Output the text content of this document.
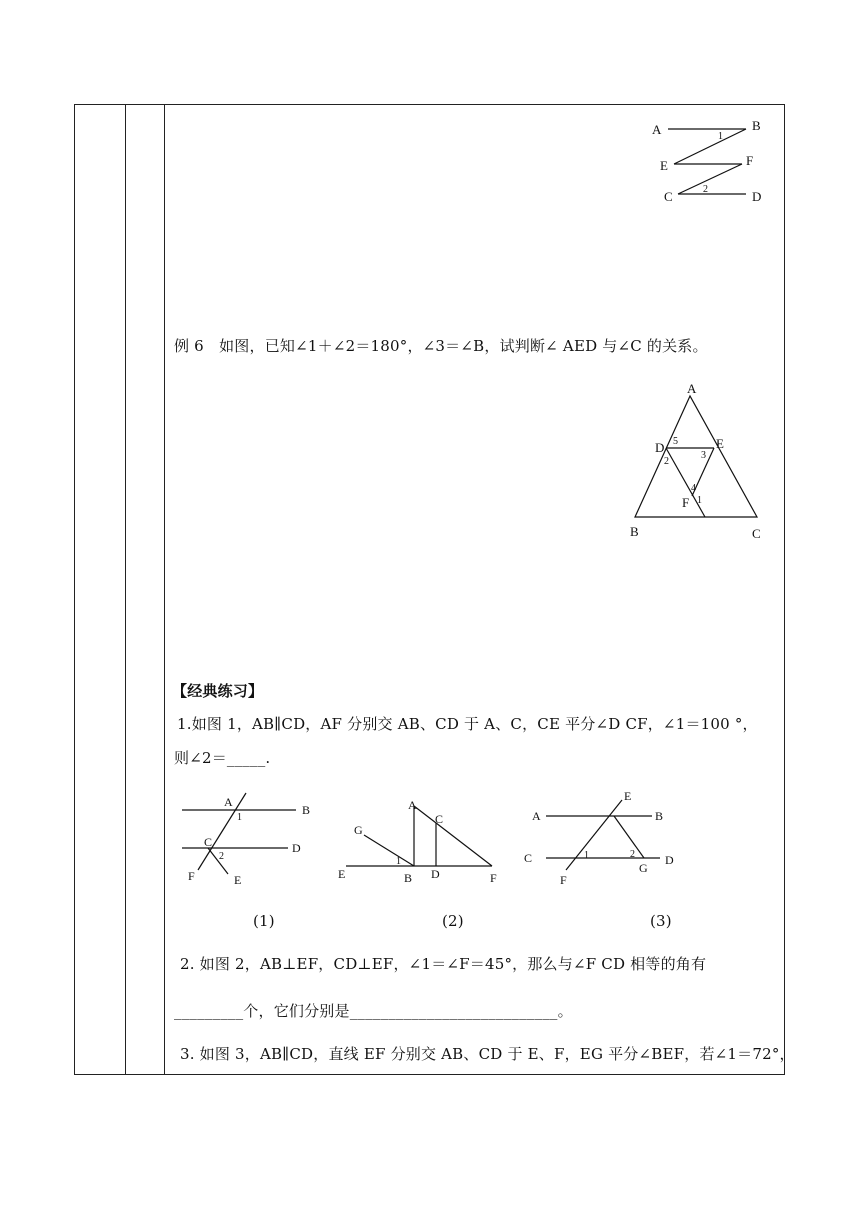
A	B
E	F
C	D
1
2
例 6　如图，已知∠1＋∠2＝180°，∠3＝∠B，试判断∠ AED 与∠C 的关系。
A
B	C
D	E
F 1
2
3
4
5
【经典练习】
1.如图 1，AB∥CD，AF 分别交 AB、CD 于 A、C，CE 平分∠D CF，∠1＝100 °，
则∠2＝_____.
A
B
C	D
E
F
1
2
A
B
C
D
E	F
G
1
A	B
C	D
E
F
G
1	2
(1)	(2)	(3)
2. 如图 2，AB⊥EF，CD⊥EF，∠1＝∠F＝45°，那么与∠F CD 相等的角有
_________个，它们分别是___________________________。
3. 如图 3，AB∥CD，直线 EF 分别交 AB、CD 于 E、F，EG 平分∠BEF，若∠1＝72°，
